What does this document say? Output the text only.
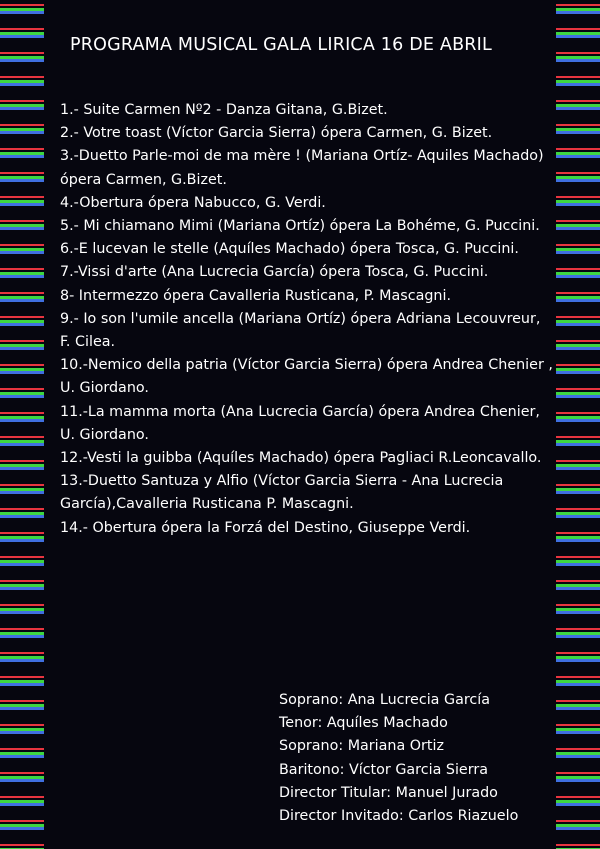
PROGRAMA MUSICAL GALA LIRICA 16 DE ABRIL
1.- Suite Carmen Nº2 - Danza Gitana, G.Bizet.
2.- Votre toast (Víctor Garcia Sierra) ópera Carmen, G. Bizet.
3.-Duetto Parle-moi de ma mère ! (Mariana Ortíz- Aquiles Machado) ópera Carmen, G.Bizet.
4.-Obertura ópera Nabucco, G. Verdi.
5.- Mi chiamano Mimi (Mariana Ortíz) ópera La Bohéme, G. Puccini.
6.-E lucevan le stelle (Aquíles Machado) ópera Tosca, G. Puccini.
7.-Vissi d'arte (Ana Lucrecia García) ópera Tosca, G. Puccini.
8- Intermezzo ópera Cavalleria Rusticana, P. Mascagni.
9.- Io son l'umile ancella (Mariana Ortíz) ópera Adriana Lecouvreur, F. Cilea.
10.-Nemico della patria (Víctor Garcia Sierra) ópera Andrea Chenier , U. Giordano.
11.-La mamma morta (Ana Lucrecia García) ópera Andrea Chenier, U. Giordano.
12.-Vesti la guibba (Aquíles Machado) ópera Pagliaci R.Leoncavallo.
13.-Duetto Santuza y Alfio (Víctor Garcia Sierra - Ana Lucrecia García),Cavalleria Rusticana P. Mascagni.
14.- Obertura ópera la Forzá del Destino, Giuseppe Verdi.
Soprano: Ana Lucrecia García
Tenor: Aquíles Machado
Soprano: Mariana Ortiz
Baritono: Víctor Garcia Sierra
Director Titular: Manuel Jurado
Director Invitado: Carlos Riazuelo
